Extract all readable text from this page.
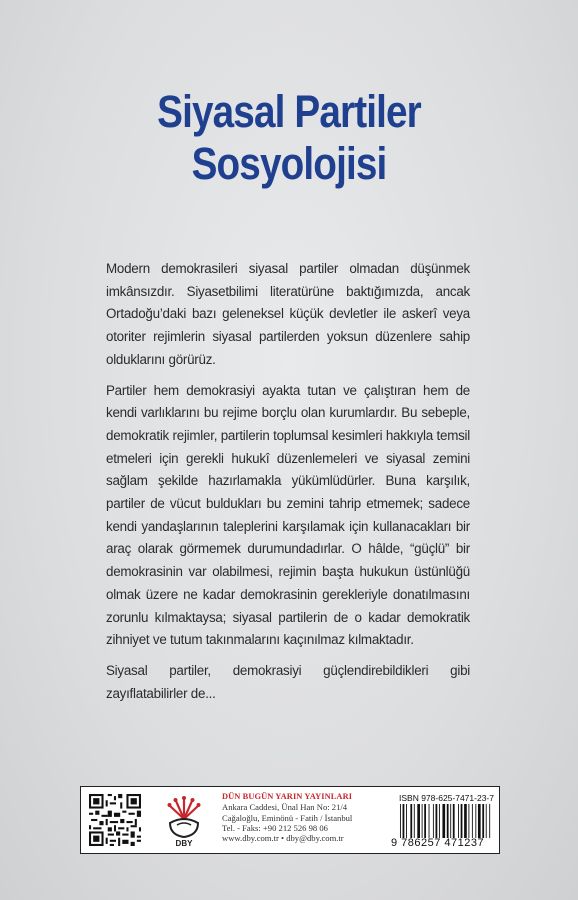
Siyasal Partiler
Sosyolojisi

Modern demokrasileri siyasal partiler olmadan düşünmek imkânsızdır. Siyasetbilimi literatürüne baktığımızda, ancak Ortadoğu’daki bazı geleneksel küçük devletler ile askerî veya otoriter rejimlerin siyasal partilerden yoksun düzenlere sahip olduklarını görürüz.

Partiler hem demokrasiyi ayakta tutan ve çalıştıran hem de kendi varlıklarını bu rejime borçlu olan kurumlardır. Bu sebeple, demokratik rejimler, partilerin toplumsal kesimleri hakkıyla temsil etmeleri için gerekli hukukî düzenlemeleri ve siyasal zemini sağlam şekilde hazırlamakla yükümlüdürler. Buna karşılık, partiler de vücut buldukları bu zemini tahrip etmemek; sadece kendi yandaşlarının taleplerini karşılamak için kullanacakları bir araç olarak görmemek durumundadırlar. O hâlde, “güçlü” bir demokrasinin var olabilmesi, rejimin başta hukukun üstünlüğü olmak üzere ne kadar demokrasinin gerekleriyle donatılmasını zorunlu kılmaktaysa; siyasal partilerin de o kadar demokratik zihniyet ve tutum takınmalarını kaçınılmaz kılmaktadır.

Siyasal partiler, demokrasiyi güçlendirebildikleri gibi zayıflatabilirler de...

DBY
DÜN BUGÜN YARIN YAYINLARI
Ankara Caddesi, Ünal Han No: 21/4
Cağaloğlu, Eminönü - Fatih / İstanbul
Tel. - Faks: +90 212 526 98 06
www.dby.com.tr • dby@dby.com.tr
ISBN 978-625-7471-23-7
9 786257 471237
